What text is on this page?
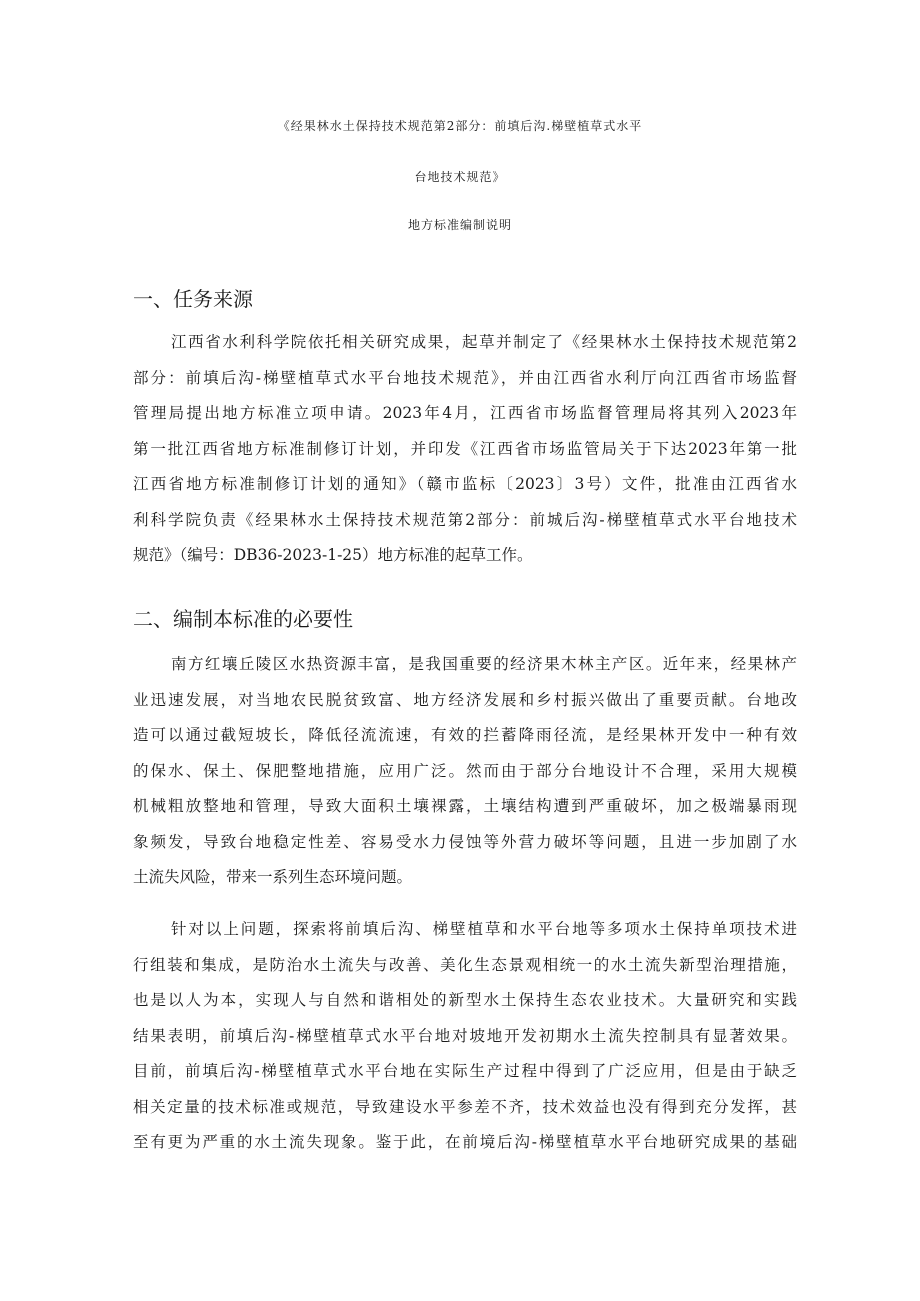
《经果林水土保持技术规范第2部分：前填后沟.梯壁植草式水平
台地技术规范》
地方标准编制说明
一、任务来源
江西省水利科学院依托相关研究成果，起草并制定了《经果林水土保持技术规范第2
部分：前填后沟-梯壁植草式水平台地技术规范》，并由江西省水利厅向江西省市场监督
管理局提出地方标准立项申请。2023年4月，江西省市场监督管理局将其列入2023年
第一批江西省地方标准制修订计划，并印发《江西省市场监管局关于下达2023年第一批
江西省地方标准制修订计划的通知》（赣市监标〔2023〕3号）文件，批准由江西省水
利科学院负责《经果林水土保持技术规范第2部分：前城后沟-梯壁植草式水平台地技术
规范》（编号：DB36-2023-1-25）地方标准的起草工作。
二、编制本标准的必要性
南方红壤丘陵区水热资源丰富，是我国重要的经济果木林主产区。近年来，经果林产
业迅速发展，对当地农民脱贫致富、地方经济发展和乡村振兴做出了重要贡献。台地改
造可以通过截短坡长，降低径流流速，有效的拦蓄降雨径流，是经果林开发中一种有效
的保水、保土、保肥整地措施，应用广泛。然而由于部分台地设计不合理，采用大规模
机械粗放整地和管理，导致大面积土壤裸露，土壤结构遭到严重破坏，加之极端暴雨现
象频发，导致台地稳定性差、容易受水力侵蚀等外营力破坏等问题，且进一步加剧了水
土流失风险，带来一系列生态环境问题。
针对以上问题，探索将前填后沟、梯壁植草和水平台地等多项水土保持单项技术进
行组装和集成，是防治水土流失与改善、美化生态景观相统一的水土流失新型治理措施，
也是以人为本，实现人与自然和谐相处的新型水土保持生态农业技术。大量研究和实践
结果表明，前填后沟-梯壁植草式水平台地对坡地开发初期水土流失控制具有显著效果。
目前，前填后沟-梯壁植草式水平台地在实际生产过程中得到了广泛应用，但是由于缺乏
相关定量的技术标准或规范，导致建设水平参差不齐，技术效益也没有得到充分发挥，甚
至有更为严重的水土流失现象。鉴于此，在前境后沟-梯壁植草水平台地研究成果的基础
